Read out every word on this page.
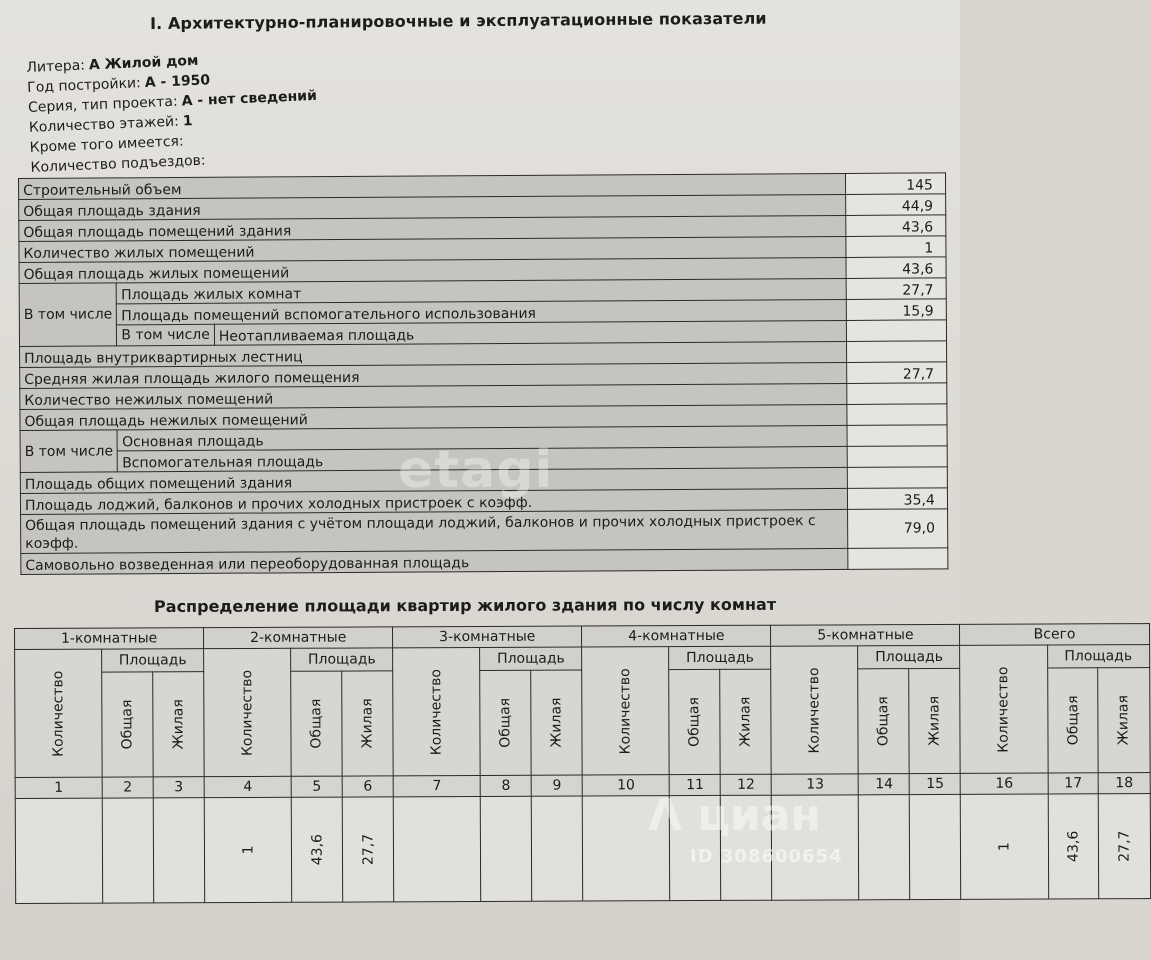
I. Архитектурно-планировочные и эксплуатационные показатели
Литера: А Жилой дом
Год постройки: А - 1950
Серия, тип проекта: А - нет сведений
Количество этажей: 1
Кроме того имеется:
Количество подъездов:
Строительный объем			145
Общая площадь здания			44,9
Общая площадь помещений здания			43,6
Количество жилых помещений			1
Общая площадь жилых помещений			43,6
В том числе	Площадь жилых комнат		27,7
	Площадь помещений вспомогательного использования		15,9
	В том числе	Неотапливаемая площадь	
Площадь внутриквартирных лестниц			
Средняя жилая площадь жилого помещения			27,7
Количество нежилых помещений			
Общая площадь нежилых помещений			
В том числе	Основная площадь		
	Вспомогательная площадь		
Площадь общих помещений здания			
Площадь лоджий, балконов и прочих холодных пристроек с коэфф.			35,4
Общая площадь помещений здания с учётом площади лоджий, балконов и прочих холодных пристроек с коэфф.			79,0
Самовольно возведенная или переоборудованная площадь			
Распределение площади квартир жилого здания по числу комнат
1-комнатные			2-комнатные			3-комнатные			4-комнатные			5-комнатные			Всего		
Количество	Площадь		Количество	Площадь		Количество	Площадь		Количество	Площадь		Количество	Площадь		Количество	Площадь	
	Общая	Жилая		Общая	Жилая		Общая	Жилая		Общая	Жилая		Общая	Жилая		Общая	Жилая
1	2	3	4	5	6	7	8	9	10	11	12	13	14	15	16	17	18
			1	43,6	27,7										1	43,6	27,7
etagi
Ʌ циан
ID 308600654
